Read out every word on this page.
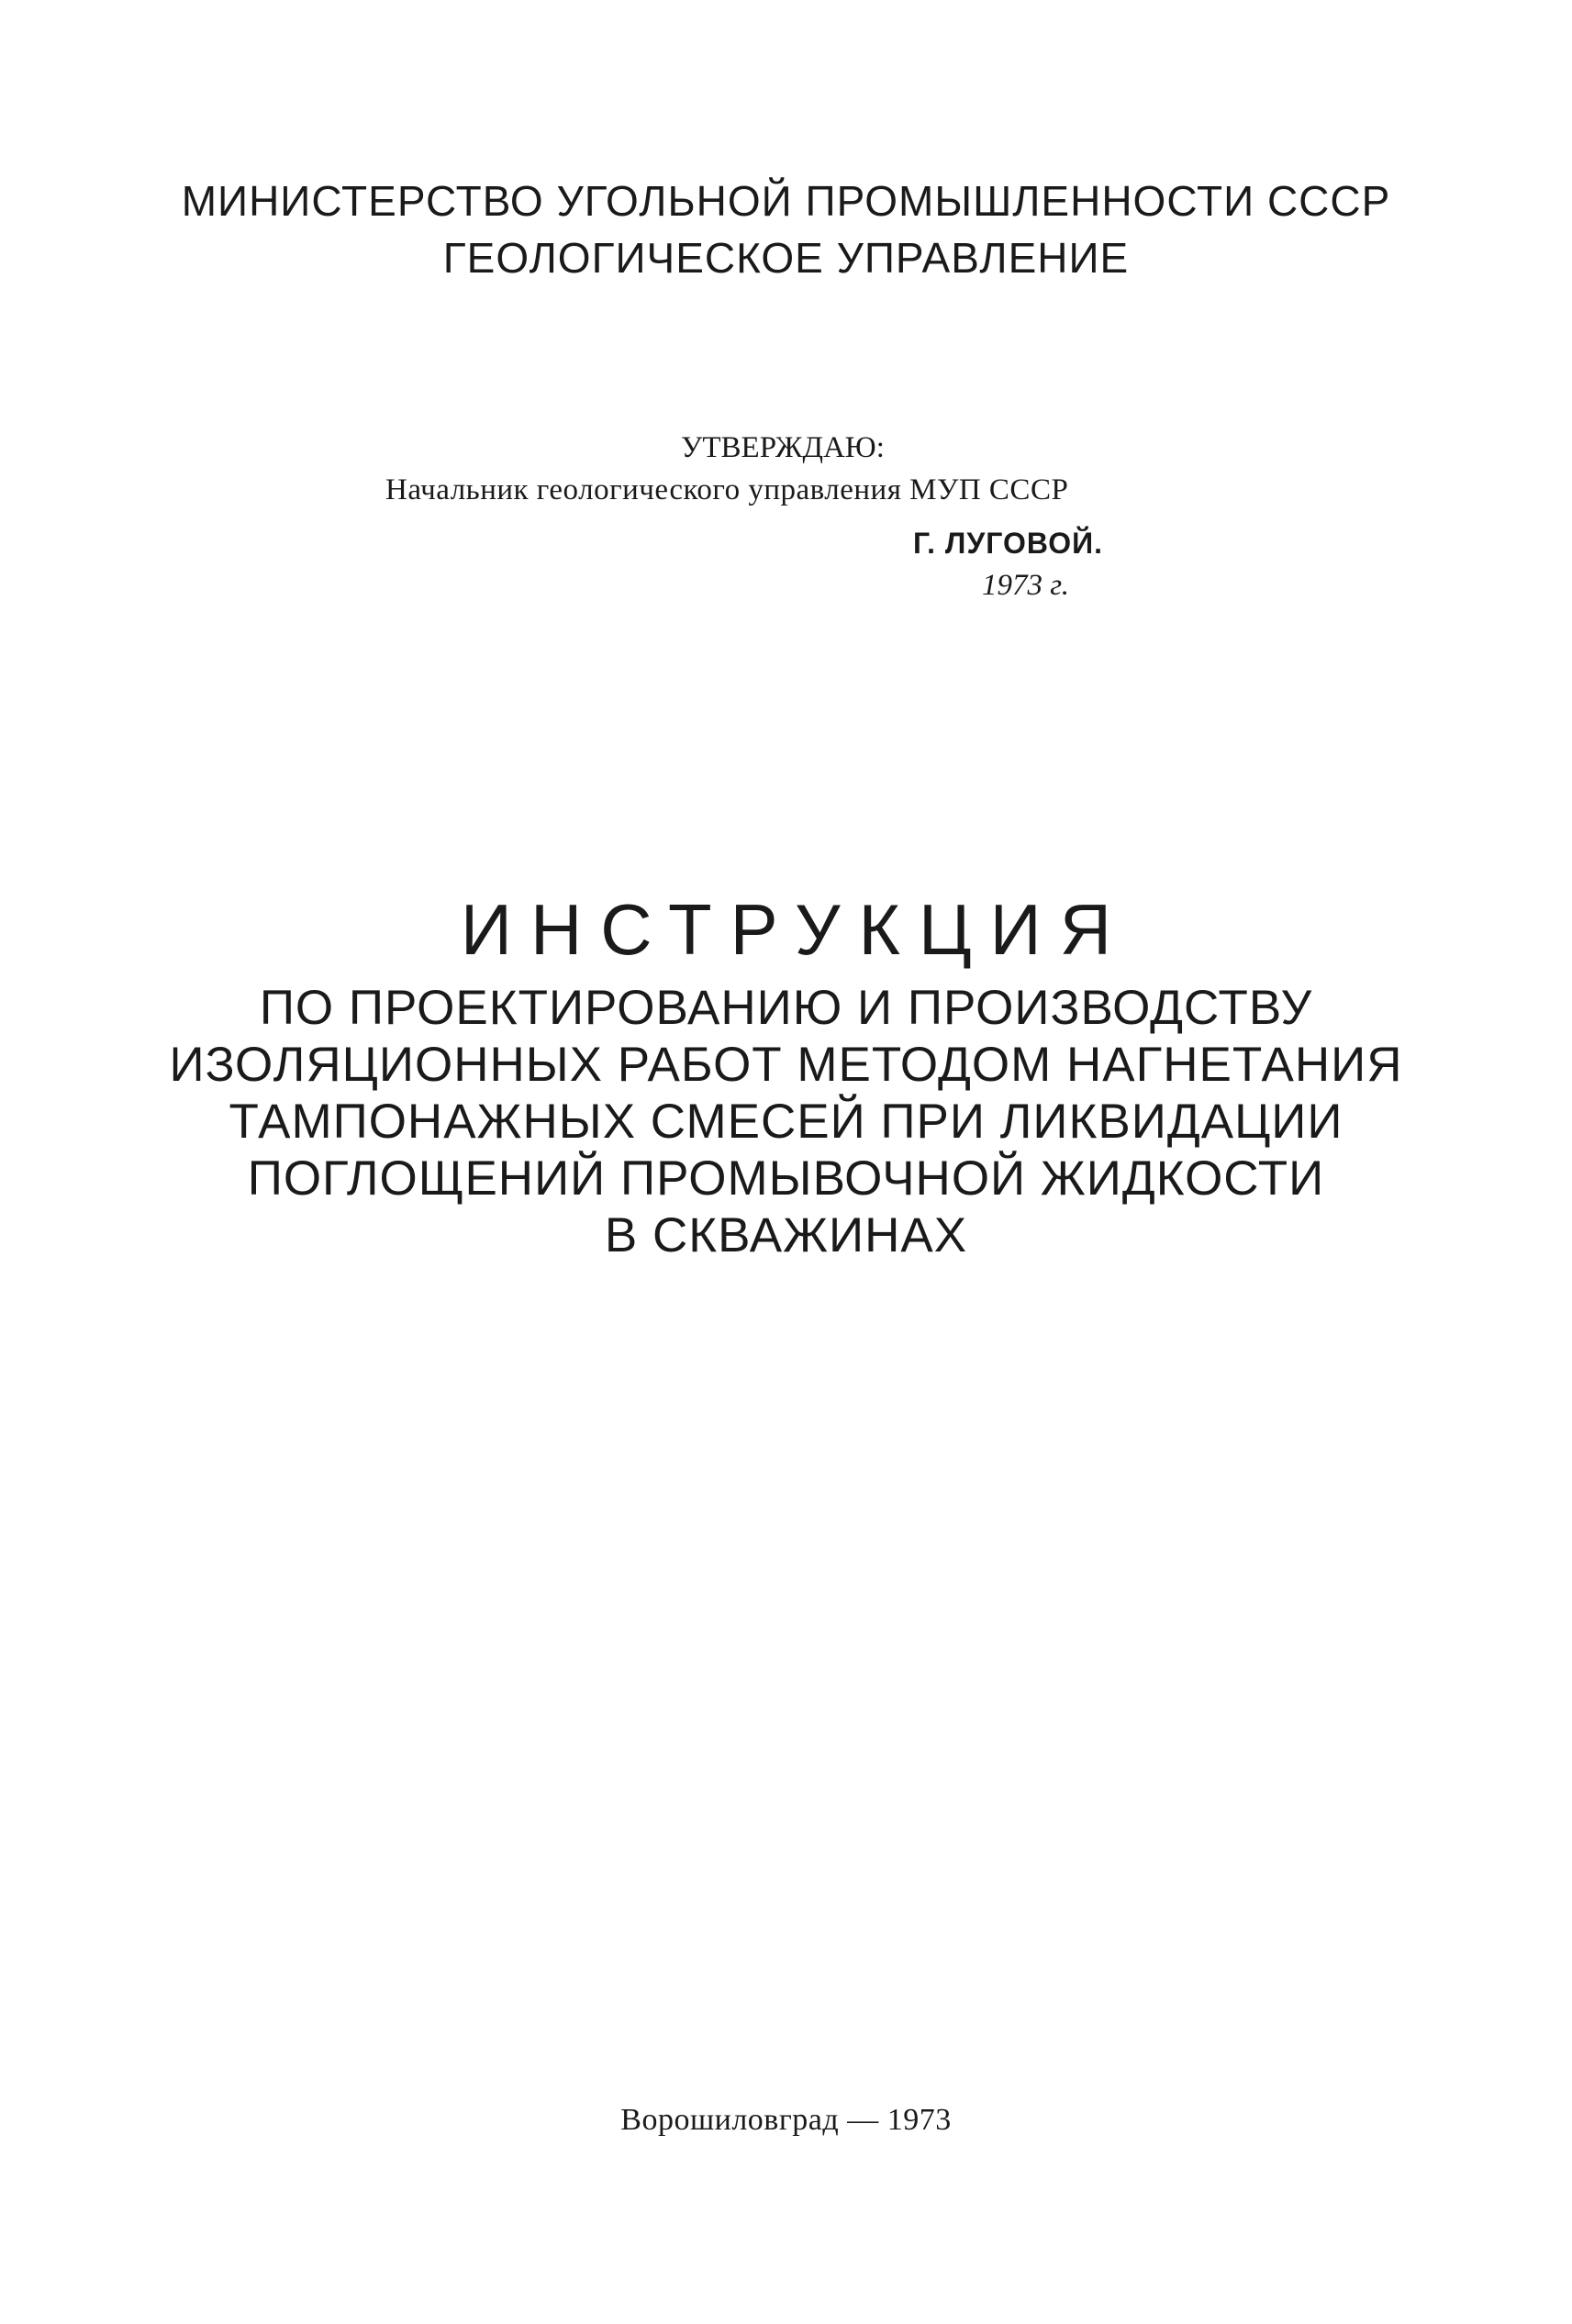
МИНИСТЕРСТВО УГОЛЬНОЙ ПРОМЫШЛЕННОСТИ СССР
ГЕОЛОГИЧЕСКОЕ УПРАВЛЕНИЕ
УТВЕРЖДАЮ:
Начальник геологического управления МУП СССР
Г. ЛУГОВОЙ.
1973 г.
ИНСТРУКЦИЯ
ПО ПРОЕКТИРОВАНИЮ И ПРОИЗВОДСТВУ
ИЗОЛЯЦИОННЫХ РАБОТ МЕТОДОМ НАГНЕТАНИЯ
ТАМПОНАЖНЫХ СМЕСЕЙ ПРИ ЛИКВИДАЦИИ
ПОГЛОЩЕНИЙ ПРОМЫВОЧНОЙ ЖИДКОСТИ
В СКВАЖИНАХ
Ворошиловград — 1973
